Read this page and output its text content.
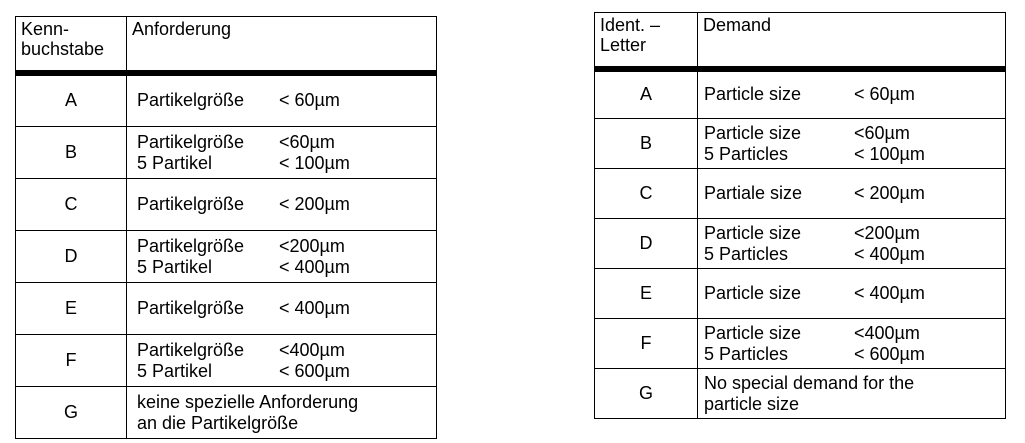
Kenn-
buchstabe	Anforderung
A	Partikelgröße < 60µm

B	Partikelgröße <60µm
5 Partikel < 100µm

C	Partikelgröße < 200µm

D	Partikelgröße <200µm
5 Partikel < 400µm

E	Partikelgröße < 400µm

F	Partikelgröße <400µm
5 Partikel < 600µm

G	keine spezielle Anforderung
an die Partikelgröße
Ident. –
Letter	Demand
A	Particle size < 60µm

B	Particle size <60µm
5 Particles < 100µm

C	Partiale size < 200µm

D	Particle size <200µm
5 Particles < 400µm

E	Particle size < 400µm

F	Particle size <400µm
5 Particles < 600µm

G	No special demand for the
particle size
